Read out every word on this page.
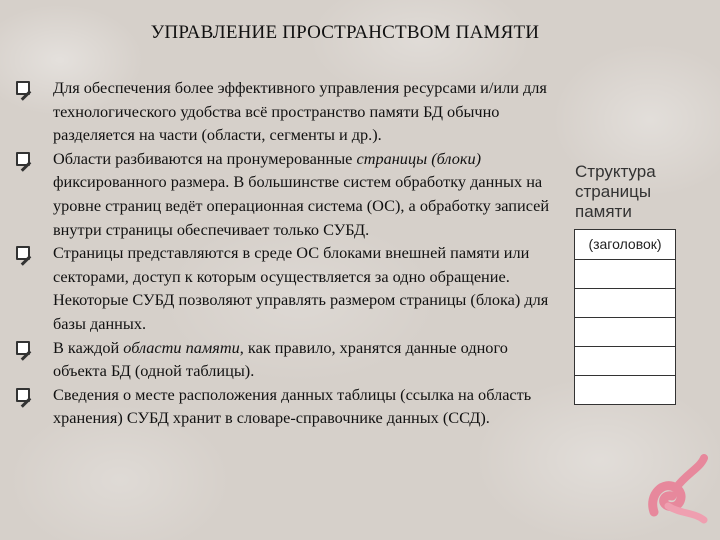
УПРАВЛЕНИЕ ПРОСТРАНСТВОМ ПАМЯТИ
Для обеспечения более эффективного управления ресурсами и/или для технологического удобства всё пространство памяти БД обычно разделяется на части (области, сегменты и др.).
Области разбиваются на пронумерованные страницы (блоки) фиксированного размера. В большинстве систем обработку данных на уровне страниц ведёт операционная система (ОС), а обработку записей внутри страницы обеспечивает только СУБД.
Страницы представляются в среде ОС блоками внешней памяти или секторами, доступ к которым осуществляется за одно обращение. Некоторые СУБД позволяют управлять размером страницы (блока) для базы данных.
В каждой области памяти, как правило, хранятся данные одного объекта БД (одной таблицы).
Сведения о месте расположения данных таблицы (ссылка на область хранения) СУБД хранит в словаре-справочнике данных (ССД).
Структура
страницы
памяти
(заголовок)
